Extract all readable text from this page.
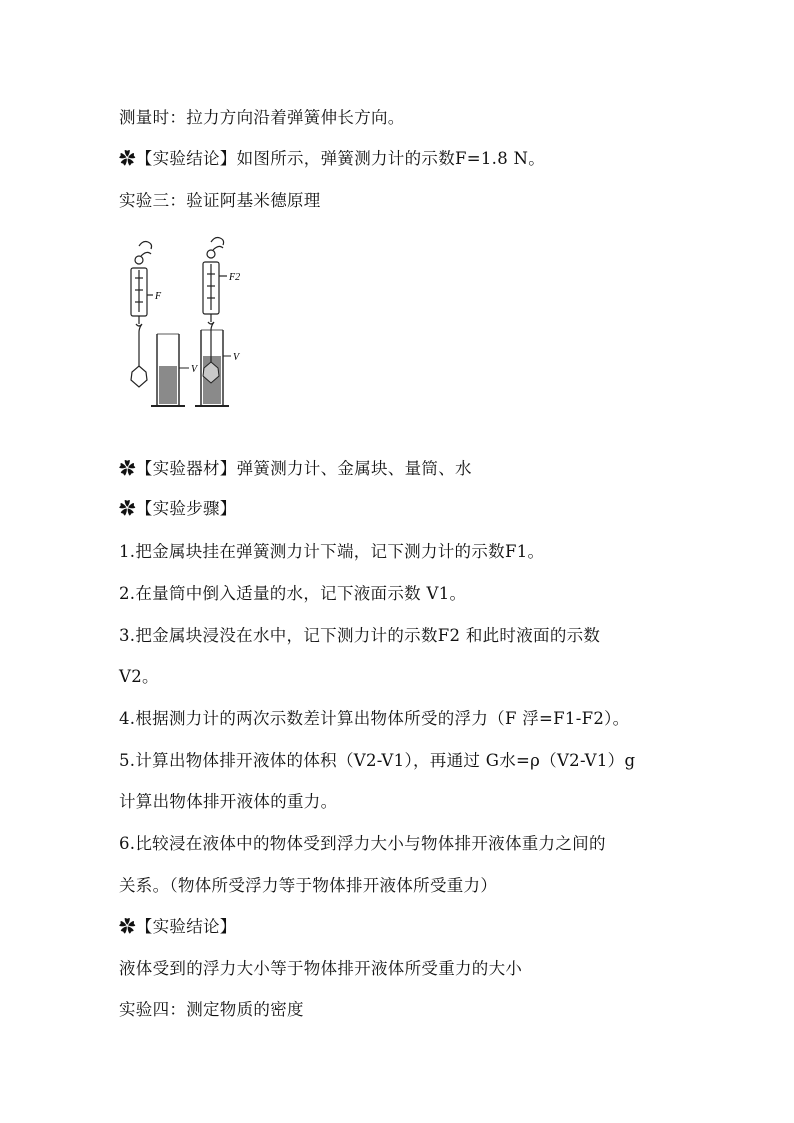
测量时：拉力方向沿着弹簧伸长方向。
✿【实验结论】如图所示，弹簧测力计的示数F=1.8 N。
实验三：验证阿基米德原理
F
V
F2
V
✿【实验器材】弹簧测力计、金属块、量筒、水
✿【实验步骤】
1.把金属块挂在弹簧测力计下端，记下测力计的示数F1。
2.在量筒中倒入适量的水，记下液面示数 V1。
3.把金属块浸没在水中，记下测力计的示数F2 和此时液面的示数
V2。
4.根据测力计的两次示数差计算出物体所受的浮力（F 浮=F1-F2）。
5.计算出物体排开液体的体积（V2-V1），再通过 G水=ρ（V2-V1）g
计算出物体排开液体的重力。
6.比较浸在液体中的物体受到浮力大小与物体排开液体重力之间的
关系。（物体所受浮力等于物体排开液体所受重力）
✿【实验结论】
液体受到的浮力大小等于物体排开液体所受重力的大小
实验四：测定物质的密度
